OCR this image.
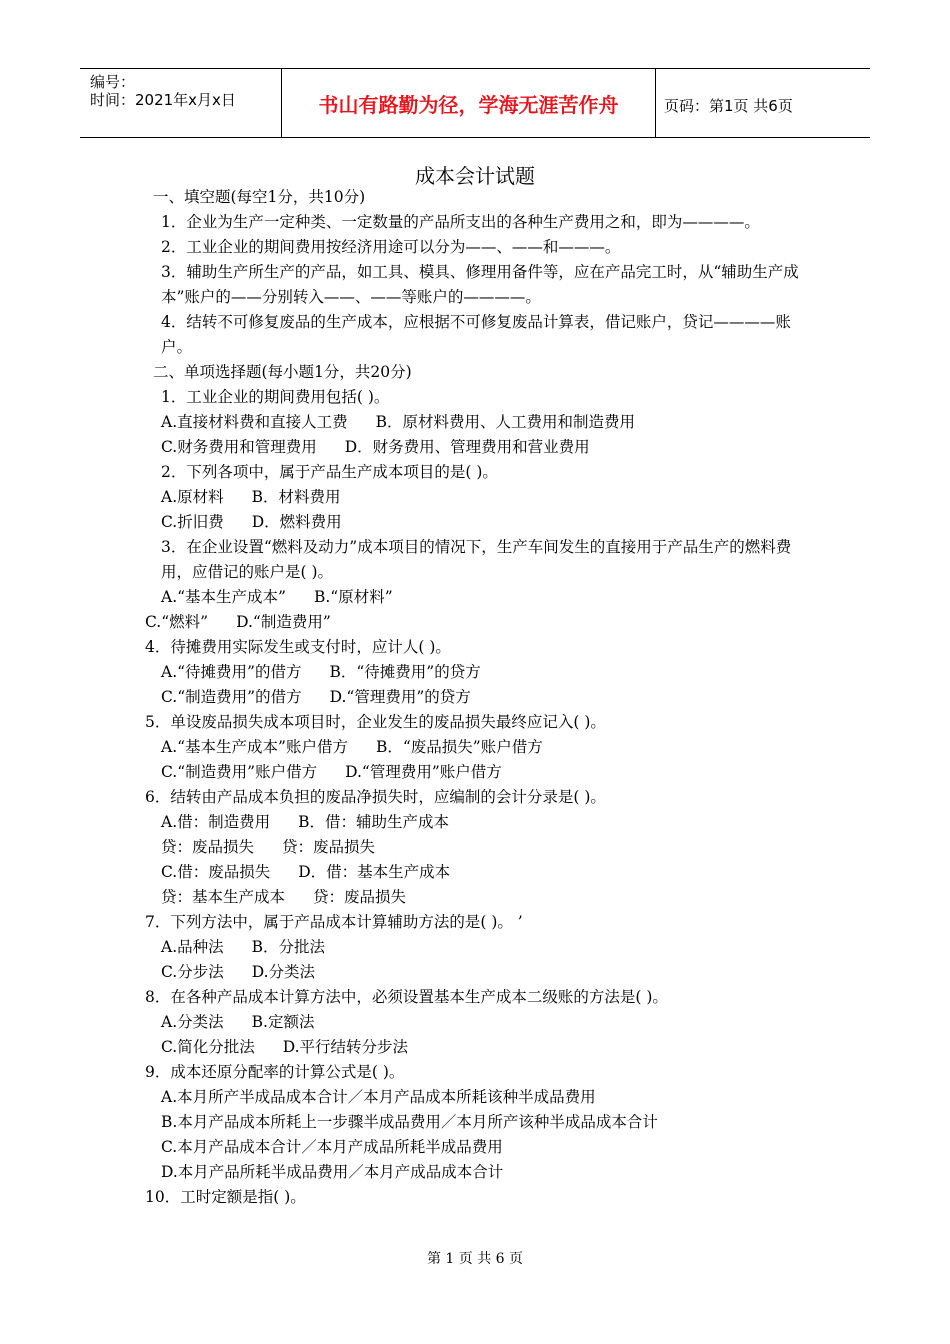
编号：
时间：2021年x月x日	书山有路勤为径，学海无涯苦作舟	页码：第1页 共6页
成本会计试题
一、填空题(每空1分，共10分)
1．企业为生产一定种类、一定数量的产品所支出的各种生产费用之和，即为————。
2．工业企业的期间费用按经济用途可以分为——、——和———。
3．辅助生产所生产的产品，如工具、模具、修理用备件等，应在产品完工时，从“辅助生产成本”账户的——分别转入——、——等账户的————。
4．结转不可修复废品的生产成本，应根据不可修复废品计算表，借记账户，贷记————账户。
二、单项选择题(每小题1分，共20分)
1．工业企业的期间费用包括( )。
A.直接材料费和直接人工费 B．原材料费用、人工费用和制造费用
C.财务费用和管理费用 D．财务费用、管理费用和营业费用
2．下列各项中，属于产品生产成本项目的是( )。
A.原材料 B．材料费用
C.折旧费 D．燃料费用
3．在企业设置“燃料及动力”成本项目的情况下，生产车间发生的直接用于产品生产的燃料费用，应借记的账户是( )。
A.“基本生产成本” B.“原材料”
C.“燃料” D.“制造费用”
4．待摊费用实际发生或支付时，应计人( )。
A.“待摊费用”的借方 B．“待摊费用”的贷方
C.“制造费用”的借方 D.“管理费用”的贷方
5．单设废品损失成本项目时，企业发生的废品损失最终应记入( )。
A.“基本生产成本”账户借方 B．“废品损失”账户借方
C.“制造费用”账户借方 D.“管理费用”账户借方
6．结转由产品成本负担的废品净损失时，应编制的会计分录是( )。
A.借：制造费用 B．借：辅助生产成本
贷：废品损失 贷：废品损失
C.借：废品损失 D．借：基本生产成本
贷：基本生产成本 贷：废品损失
7．下列方法中，属于产品成本计算辅助方法的是( )。 ’
A.品种法 B．分批法
C.分步法 D.分类法
8．在各种产品成本计算方法中，必须设置基本生产成本二级账的方法是( )。
A.分类法 B.定额法
C.简化分批法 D.平行结转分步法
9．成本还原分配率的计算公式是( )。
A.本月所产半成品成本合计／本月产品成本所耗该种半成品费用
B.本月产品成本所耗上一步骤半成品费用／本月所产该种半成品成本合计
C.本月产品成本合计／本月产成品所耗半成品费用
D.本月产品所耗半成品费用／本月产成品成本合计
10．工时定额是指( )。
第 1 页 共 6 页
